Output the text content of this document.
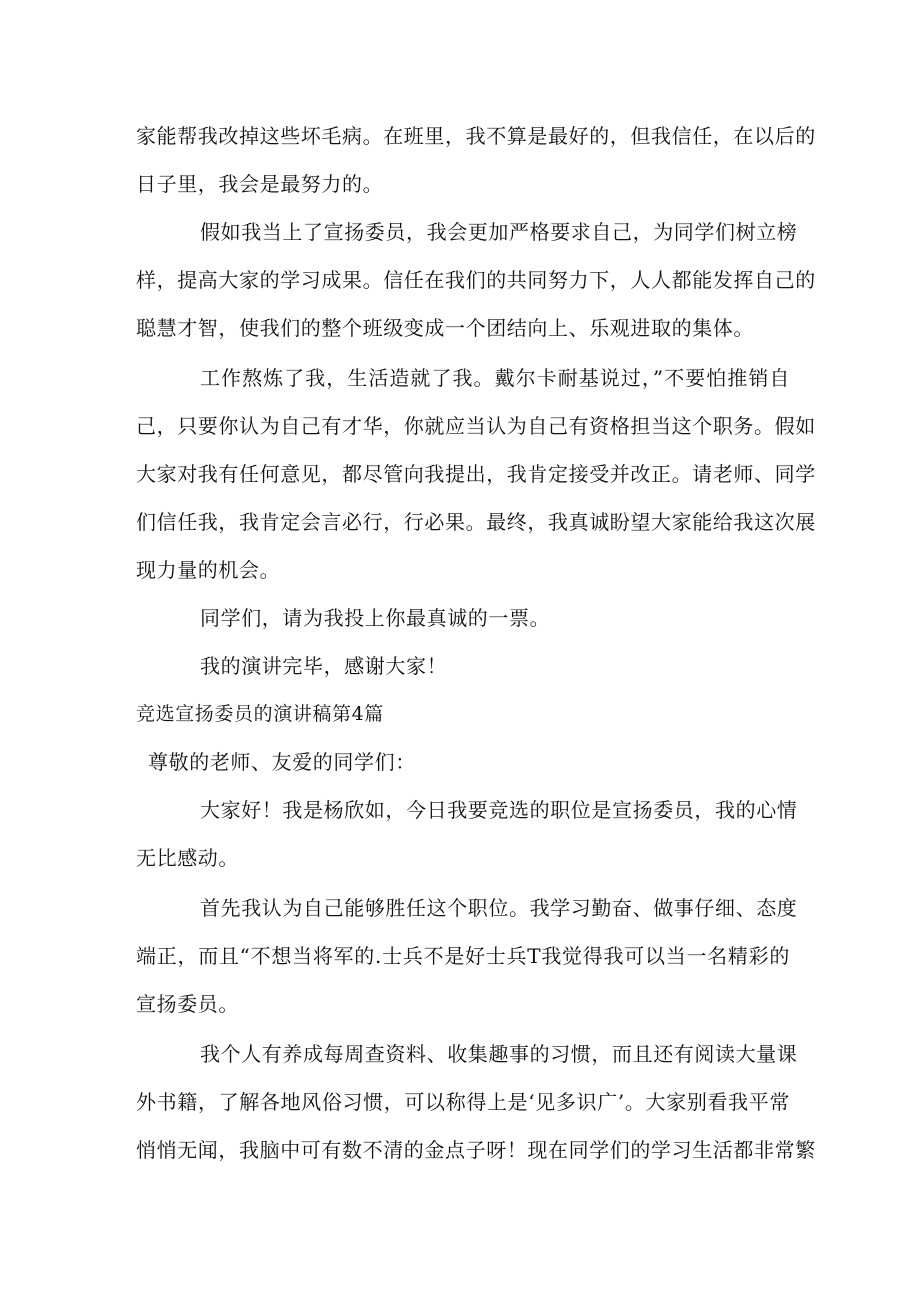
家能帮我改掉这些坏毛病。在班里，我不算是最好的，但我信任，在以后的
日子里，我会是最努力的。
假如我当上了宣扬委员，我会更加严格要求自己，为同学们树立榜
样，提高大家的学习成果。信任在我们的共同努力下，人人都能发挥自己的
聪慧才智，使我们的整个班级变成一个团结向上、乐观进取的集体。
工作熬炼了我，生活造就了我。戴尔卡耐基说过，”不要怕推销自
己，只要你认为自己有才华，你就应当认为自己有资格担当这个职务。假如
大家对我有任何意见，都尽管向我提出，我肯定接受并改正。请老师、同学
们信任我，我肯定会言必行，行必果。最终，我真诚盼望大家能给我这次展
现力量的机会。
同学们，请为我投上你最真诚的一票。
我的演讲完毕，感谢大家！
竞选宣扬委员的演讲稿第4篇
尊敬的老师、友爱的同学们：
大家好！我是杨欣如，今日我要竞选的职位是宣扬委员，我的心情
无比感动。
首先我认为自己能够胜任这个职位。我学习勤奋、做事仔细、态度
端正，而且“不想当将军的.士兵不是好士兵T我觉得我可以当一名精彩的
宣扬委员。
我个人有养成每周查资料、收集趣事的习惯，而且还有阅读大量课
外书籍，了解各地风俗习惯，可以称得上是‘见多识广’。大家别看我平常
悄悄无闻，我脑中可有数不清的金点子呀！现在同学们的学习生活都非常繁
